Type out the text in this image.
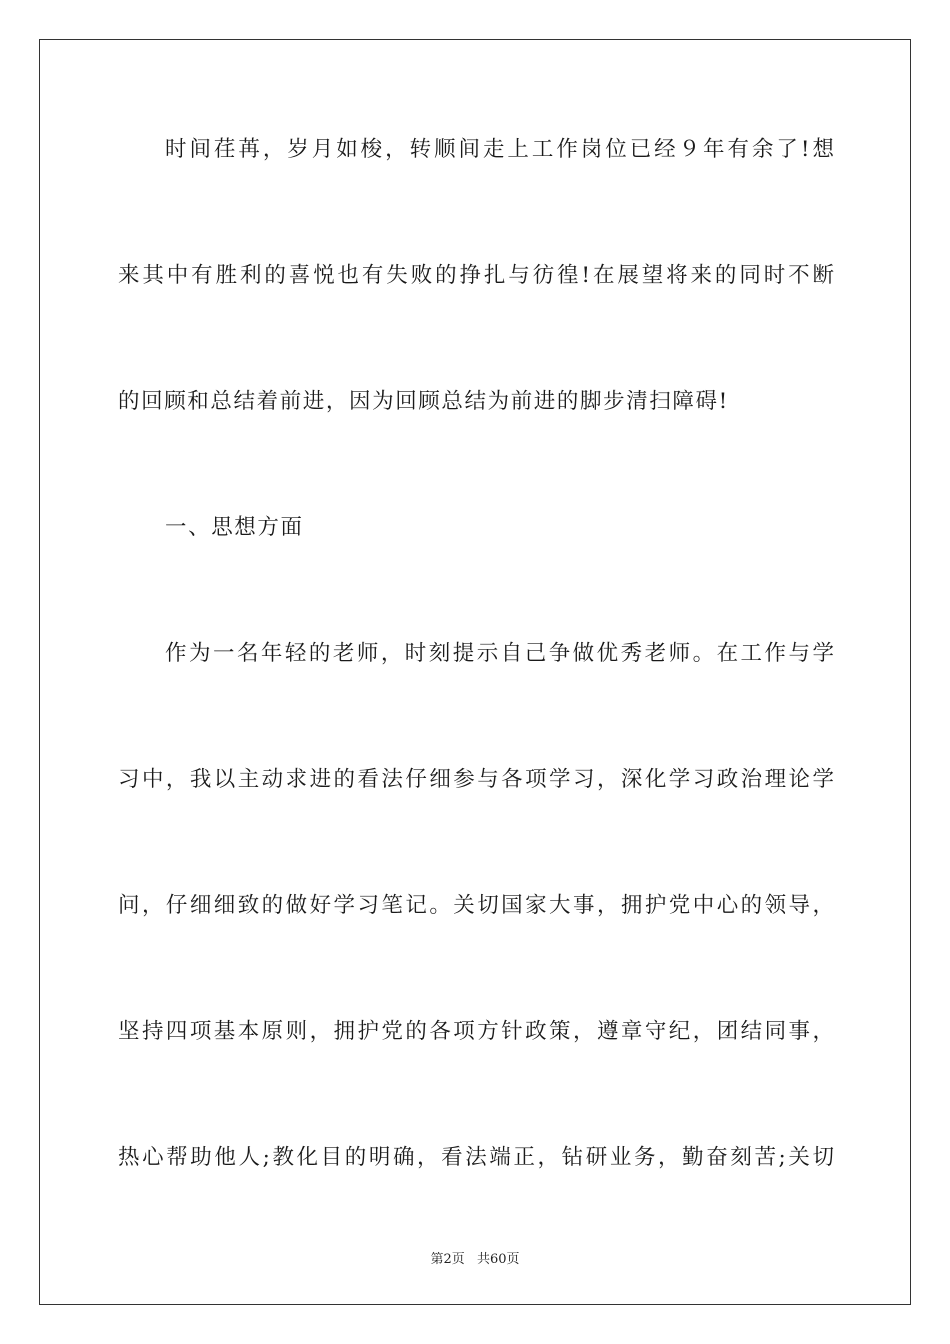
时间荏苒，岁月如梭，转顺间走上工作岗位已经９年有余了!想
来其中有胜利的喜悦也有失败的挣扎与彷徨!在展望将来的同时不断
的回顾和总结着前进，因为回顾总结为前进的脚步清扫障碍!
一、思想方面
作为一名年轻的老师，时刻提示自己争做优秀老师。在工作与学
习中，我以主动求进的看法仔细参与各项学习，深化学习政治理论学
问，仔细细致的做好学习笔记。关切国家大事，拥护党中心的领导，
坚持四项基本原则，拥护党的各项方针政策，遵章守纪，团结同事，
热心帮助他人;教化目的明确，看法端正，钻研业务，勤奋刻苦;关切
第2页 共60页
